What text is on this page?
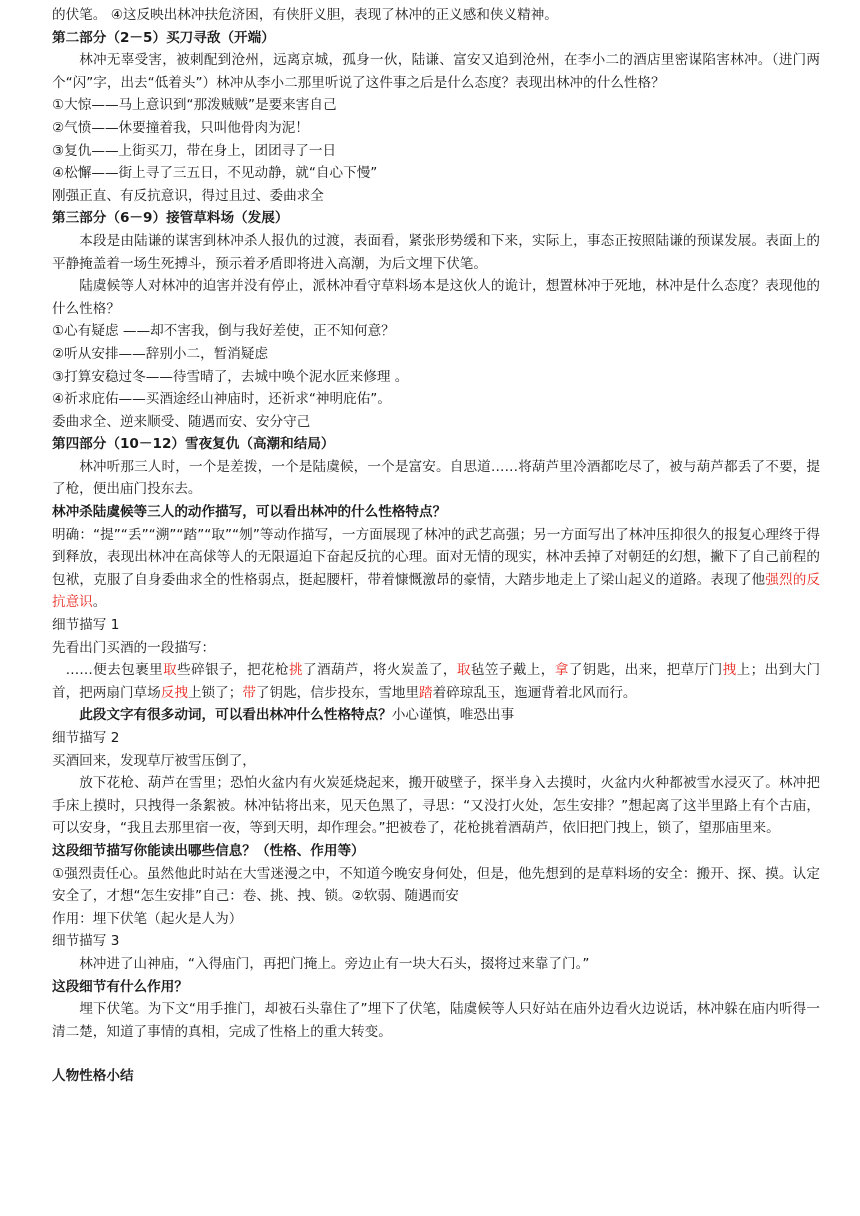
的伏笔。 ④这反映出林冲扶危济困，有侠肝义胆，表现了林冲的正义感和侠义精神。

第二部分（2－5）买刀寻敌（开端）

林冲无辜受害，被刺配到沧州，远离京城，孤身一伙，陆谦、富安又追到沧州，在李小二的酒店里密谋陷害林冲。（进门两个“闪”字，出去“低着头”）林冲从李小二那里听说了这件事之后是什么态度？表现出林冲的什么性格？

①大惊——马上意识到“那泼贼贼”是要来害自己

②气愤——休要撞着我，只叫他骨肉为泥！

③复仇——上街买刀，带在身上，团团寻了一日

④松懈——街上寻了三五日，不见动静，就“自心下慢”

刚强正直、有反抗意识，得过且过、委曲求全

第三部分（6－9）接管草料场（发展）

本段是由陆谦的谋害到林冲杀人报仇的过渡，表面看，紧张形势缓和下来，实际上，事态正按照陆谦的预谋发展。表面上的平静掩盖着一场生死搏斗，预示着矛盾即将进入高潮，为后文埋下伏笔。

陆虞候等人对林冲的迫害并没有停止，派林冲看守草料场本是这伙人的诡计，想置林冲于死地，林冲是什么态度？表现他的什么性格？

①心有疑虑 ——却不害我，倒与我好差使，正不知何意？

②听从安排——辞别小二，暂消疑虑

③打算安稳过冬——待雪晴了，去城中唤个泥水匠来修理 。

④祈求庇佑——买酒途经山神庙时，还祈求“神明庇佑”。

委曲求全、逆来顺受、随遇而安、安分守己

第四部分（10－12）雪夜复仇（高潮和结局）

林冲听那三人时，一个是差拨，一个是陆虞候，一个是富安。自思道……将葫芦里冷酒都吃尽了，被与葫芦都丢了不要，提了枪，便出庙门投东去。

林冲杀陆虞候等三人的动作描写，可以看出林冲的什么性格特点？

明确：“提”“丢”“溯”“踏”“取”“刎”等动作描写，一方面展现了林冲的武艺高强；另一方面写出了林冲压抑很久的报复心理终于得到释放，表现出林冲在高俅等人的无限逼迫下奋起反抗的心理。面对无情的现实，林冲丢掉了对朝廷的幻想，撇下了自己前程的包袱，克服了自身委曲求全的性格弱点，挺起腰杆，带着慷慨激昂的豪情，大踏步地走上了梁山起义的道路。表现了他强烈的反抗意识。

细节描写 1

先看出门买酒的一段描写：

……便去包裹里取些碎银子，把花枪挑了酒葫芦，将火炭盖了，取毡笠子戴上，拿了钥匙，出来，把草厅门拽上；出到大门首，把两扇门草场反拽上锁了；带了钥匙，信步投东，雪地里踏着碎琼乱玉，迤逦背着北风而行。

此段文字有很多动词，可以看出林冲什么性格特点？小心谨慎，唯恐出事

细节描写 2

买酒回来，发现草厅被雪压倒了，

放下花枪、葫芦在雪里；恐怕火盆内有火炭延烧起来，搬开破壁子，探半身入去摸时，火盆内火种都被雪水浸灭了。林冲把手床上摸时，只拽得一条絮被。林冲钻将出来，见天色黑了，寻思：“又没打火处，怎生安排？”想起离了这半里路上有个古庙，可以安身，“我且去那里宿一夜，等到天明，却作理会。”把被卷了，花枪挑着酒葫芦，依旧把门拽上，锁了，望那庙里来。

这段细节描写你能读出哪些信息？（性格、作用等）

①强烈责任心。虽然他此时站在大雪迷漫之中，不知道今晚安身何处，但是，他先想到的是草料场的安全：搬开、探、摸。认定安全了，才想“怎生安排”自己：卷、挑、拽、锁。②软弱、随遇而安

作用：埋下伏笔（起火是人为）

细节描写 3

林冲进了山神庙，“入得庙门，再把门掩上。旁边止有一块大石头，掇将过来靠了门。”

这段细节有什么作用？

埋下伏笔。为下文“用手推门，却被石头靠住了”埋下了伏笔，陆虞候等人只好站在庙外边看火边说话，林冲躲在庙内听得一清二楚，知道了事情的真相，完成了性格上的重大转变。

人物性格小结
